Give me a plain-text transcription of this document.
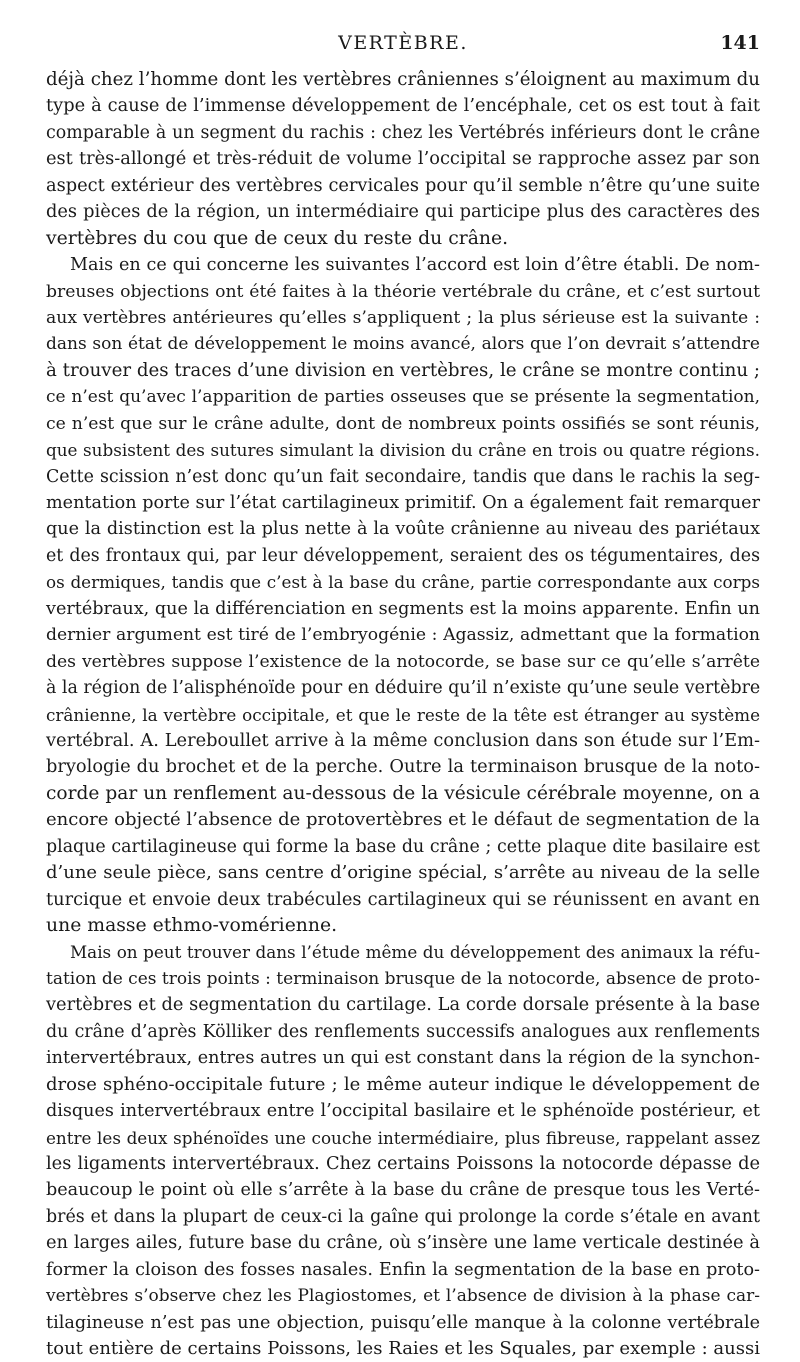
VERTÈBRE.	141
déjà chez l’homme dont les vertèbres crâniennes s’éloignent au maximum du
type à cause de l’immense développement de l’encéphale, cet os est tout à fait
comparable à un segment du rachis : chez les Vertébrés inférieurs dont le crâne
est très-allongé et très-réduit de volume l’occipital se rapproche assez par son
aspect extérieur des vertèbres cervicales pour qu’il semble n’être qu’une suite
des pièces de la région, un intermédiaire qui participe plus des caractères des
vertèbres du cou que de ceux du reste du crâne.
Mais en ce qui concerne les suivantes l’accord est loin d’être établi. De nom-
breuses objections ont été faites à la théorie vertébrale du crâne, et c’est surtout
aux vertèbres antérieures qu’elles s’appliquent ; la plus sérieuse est la suivante :
dans son état de développement le moins avancé, alors que l’on devrait s’attendre
à trouver des traces d’une division en vertèbres, le crâne se montre continu ;
ce n’est qu’avec l’apparition de parties osseuses que se présente la segmentation,
ce n’est que sur le crâne adulte, dont de nombreux points ossifiés se sont réunis,
que subsistent des sutures simulant la division du crâne en trois ou quatre régions.
Cette scission n’est donc qu’un fait secondaire, tandis que dans le rachis la seg-
mentation porte sur l’état cartilagineux primitif. On a également fait remarquer
que la distinction est la plus nette à la voûte crânienne au niveau des pariétaux
et des frontaux qui, par leur développement, seraient des os tégumentaires, des
os dermiques, tandis que c’est à la base du crâne, partie correspondante aux corps
vertébraux, que la différenciation en segments est la moins apparente. Enfin un
dernier argument est tiré de l’embryogénie : Agassiz, admettant que la formation
des vertèbres suppose l’existence de la notocorde, se base sur ce qu’elle s’arrête
à la région de l’alisphénoïde pour en déduire qu’il n’existe qu’une seule vertèbre
crânienne, la vertèbre occipitale, et que le reste de la tête est étranger au système
vertébral. A. Lereboullet arrive à la même conclusion dans son étude sur l’Em-
bryologie du brochet et de la perche. Outre la terminaison brusque de la noto-
corde par un renflement au-dessous de la vésicule cérébrale moyenne, on a
encore objecté l’absence de protovertèbres et le défaut de segmentation de la
plaque cartilagineuse qui forme la base du crâne ; cette plaque dite basilaire est
d’une seule pièce, sans centre d’origine spécial, s’arrête au niveau de la selle
turcique et envoie deux trabécules cartilagineux qui se réunissent en avant en
une masse ethmo-vomérienne.
Mais on peut trouver dans l’étude même du développement des animaux la réfu-
tation de ces trois points : terminaison brusque de la notocorde, absence de proto-
vertèbres et de segmentation du cartilage. La corde dorsale présente à la base
du crâne d’après Kölliker des renflements successifs analogues aux renflements
intervertébraux, entres autres un qui est constant dans la région de la synchon-
drose sphéno-occipitale future ; le même auteur indique le développement de
disques intervertébraux entre l’occipital basilaire et le sphénoïde postérieur, et
entre les deux sphénoïdes une couche intermédiaire, plus fibreuse, rappelant assez
les ligaments intervertébraux. Chez certains Poissons la notocorde dépasse de
beaucoup le point où elle s’arrête à la base du crâne de presque tous les Verté-
brés et dans la plupart de ceux-ci la gaîne qui prolonge la corde s’étale en avant
en larges ailes, future base du crâne, où s’insère une lame verticale destinée à
former la cloison des fosses nasales. Enfin la segmentation de la base en proto-
vertèbres s’observe chez les Plagiostomes, et l’absence de division à la phase car-
tilagineuse n’est pas une objection, puisqu’elle manque à la colonne vertébrale
tout entière de certains Poissons, les Raies et les Squales, par exemple : aussi
